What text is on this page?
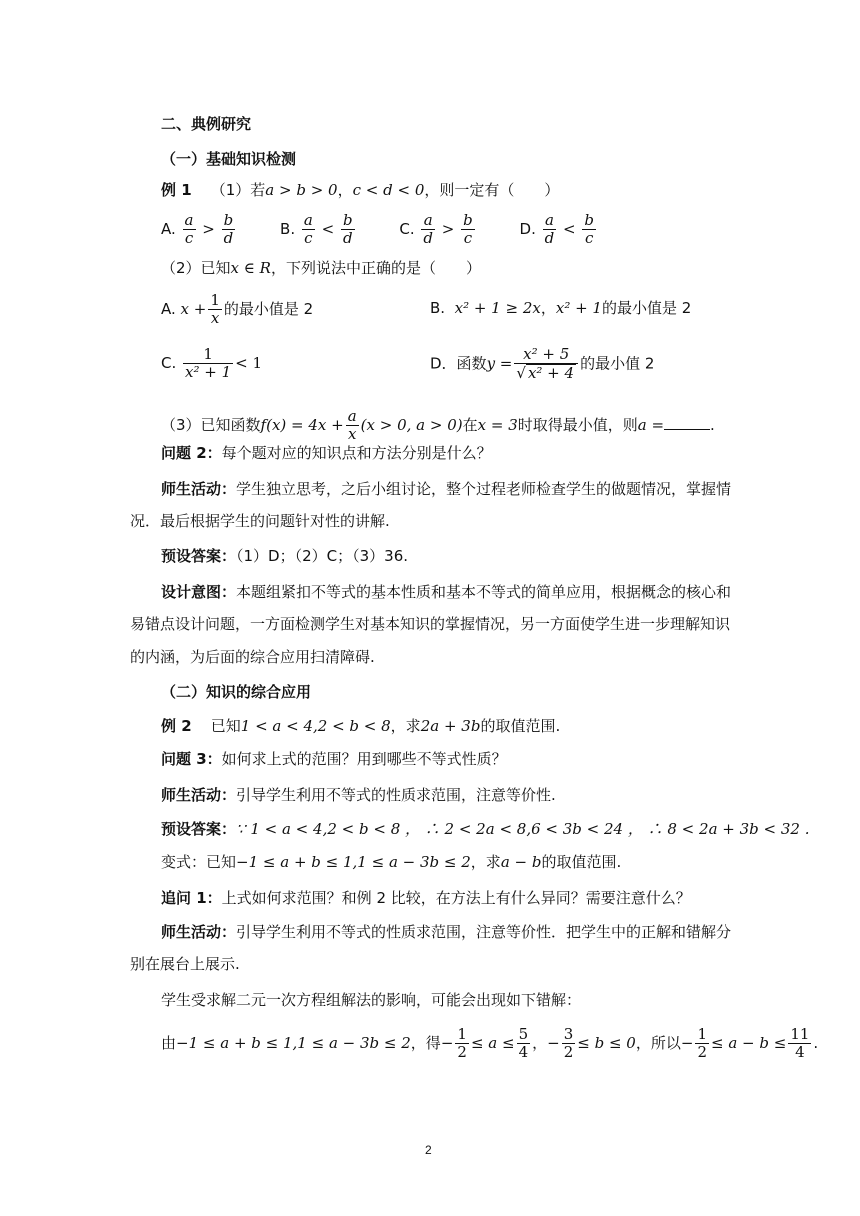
二、典例研究
（一）基础知识检测
例 1 （1）若a > b > 0，c < d < 0，则一定有（　　）
A. $\frac{a}{c} > \frac{b}{d}$	B. $\frac{a}{c} < \frac{b}{d}$	C. $\frac{a}{d} > \frac{b}{c}$	D. $\frac{a}{d} < \frac{b}{c}$
（2）已知x ∈ R，下列说法中正确的是（　　）
A. $x + \frac{1}{x}$ 的最小值是 2	B. x² + 1 ≥ 2x，x² + 1的最小值是 2
C. $\frac{1}{\text{x² + 1}} < 1$	D．函数$y = \frac{\text{x² + 5}}{\text{√ x² + 4}}$ 的最小值 2
（3）已知函数$f(x) = 4x + \frac{a}{x} (x > 0$, a > 0)在x = 3时取得最小值，则a =	.
问题 2：每个题对应的知识点和方法分别是什么？
师生活动：学生独立思考，之后小组讨论，整个过程老师检查学生的做题情况，掌握情
况．最后根据学生的问题针对性的讲解.
预设答案：（1）D；（2）C；（3）36.
设计意图：本题组紧扣不等式的基本性质和基本不等式的简单应用，根据概念的核心和
易错点设计问题，一方面检测学生对基本知识的掌握情况，另一方面使学生进一步理解知识
的内涵，为后面的综合应用扫清障碍.
（二）知识的综合应用
例 2 已知1 < a < 4,2 < b < 8，求2a + 3b的取值范围.
问题 3：如何求上式的范围？用到哪些不等式性质？
师生活动：引导学生利用不等式的性质求范围，注意等价性.
预设答案：∵ 1 < a < 4,2 < b < 8 ， ∴ 2 < 2a < 8,6 < 3b < 24 ， ∴ 8 < 2a + 3b < 32 .
变式：已知−1 ≤ a + b ≤ 1,1 ≤ a − 3b ≤ 2，求a − b的取值范围.
追问 1：上式如何求范围？和例 2 比较，在方法上有什么异同？需要注意什么？
师生活动：引导学生利用不等式的性质求范围，注意等价性．把学生中的正解和错解分
别在展台上展示.
学生受求解二元一次方程组解法的影响，可能会出现如下错解：
由−1 ≤ a + b ≤ 1,1 ≤ a − 3b ≤ 2，得− $\frac{1}{2} \le a \le \frac{5}{4}$ ，− $\frac{3}{2} \le b \le 0$，所以− $\frac{1}{2} \le a - b \le \frac{11}{4}$ .
2
